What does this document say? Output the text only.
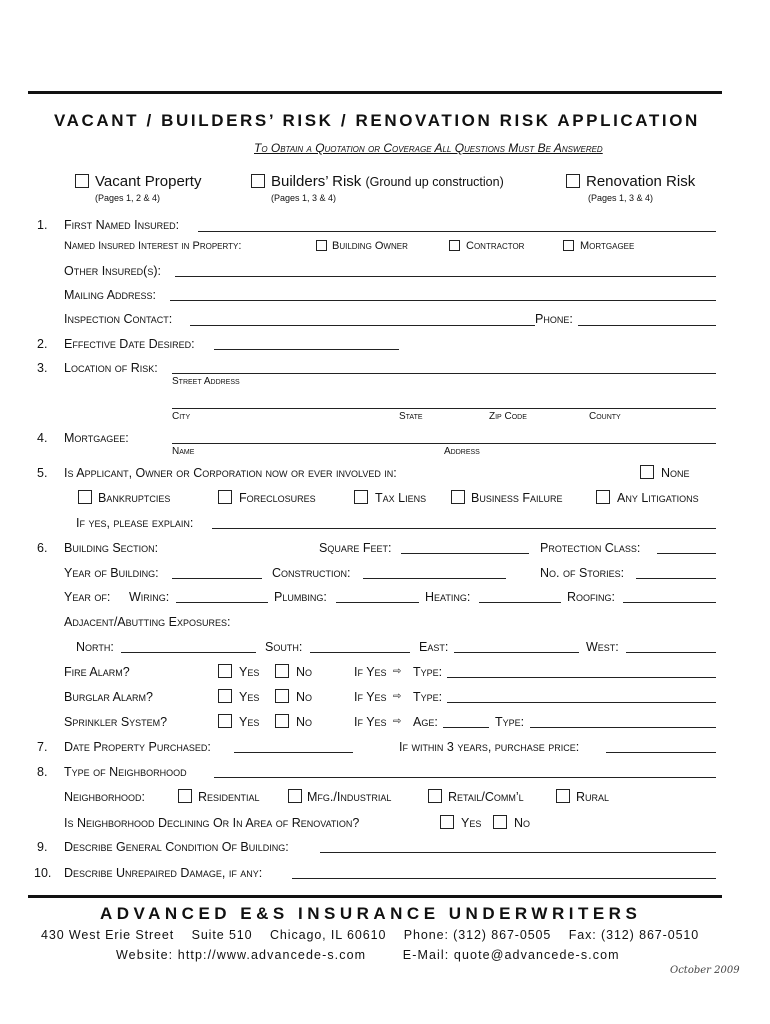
VACANT / BUILDERS’ RISK / RENOVATION RISK APPLICATION
To Obtain a Quotation or Coverage All Questions Must Be Answered
Vacant Property
(Pages 1, 2 & 4)
Builders’ Risk (Ground up construction)
(Pages 1, 3 & 4)
Renovation Risk
(Pages 1, 3 & 4)
1. First Named Insured:
Named Insured Interest in Property:	Building Owner	Contractor	Mortgagee
Other Insured(s):
Mailing Address:
Inspection Contact:	Phone:
2. Effective Date Desired:
3. Location of Risk:
Street Address
City	State	Zip Code	County
4. Mortgagee:
Name	Address
5. Is Applicant, Owner or Corporation now or ever involved in:	None
Bankruptcies	Foreclosures	Tax Liens	Business Failure	Any Litigations
If yes, please explain:
6. Building Section:	Square Feet:	Protection Class:
Year of Building:	Construction:	No. of Stories:
Year of: Wiring:	Plumbing:	Heating:	Roofing:
Adjacent/Abutting Exposures:
North:	South:	East:	West:
Fire Alarm?	Yes	No	If Yes ⇨ Type:
Burglar Alarm?	Yes	No	If Yes ⇨ Type:
Sprinkler System?	Yes	No	If Yes ⇨ Age:	Type:
7. Date Property Purchased:	If within 3 years, purchase price:
8. Type of Neighborhood
Neighborhood:	Residential	Mfg./Industrial	Retail/Comm’l	Rural
Is Neighborhood Declining Or In Area of Renovation?	Yes	No
9. Describe General Condition Of Building:
10. Describe Unrepaired Damage, if any:
ADVANCED E&S INSURANCE UNDERWRITERS
430 West Erie Street    Suite 510    Chicago, IL 60610    Phone: (312) 867-0505    Fax: (312) 867-0510
Website: http://www.advancede-s.com        E-Mail: quote@advancede-s.com
October 2009
